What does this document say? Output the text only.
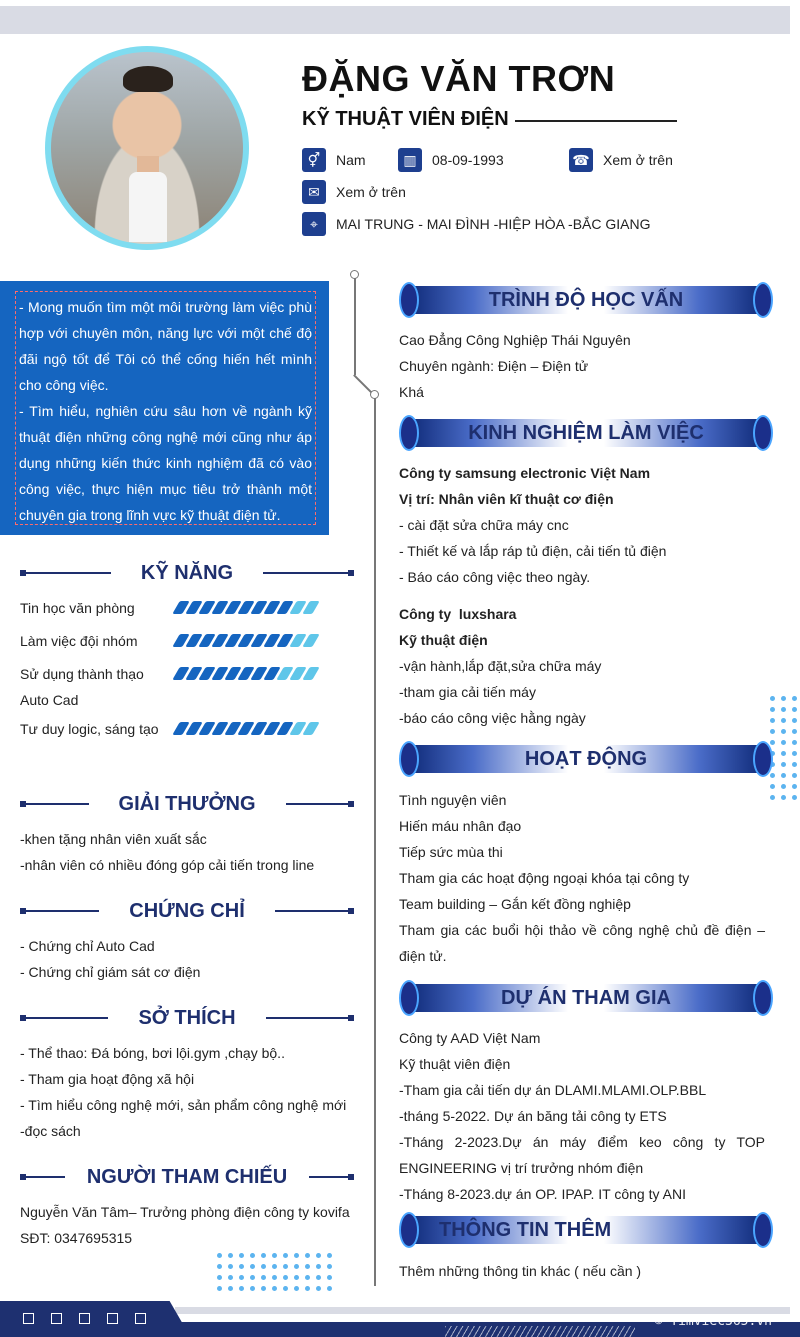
ĐẶNG VĂN TRƠN
KỸ THUẬT VIÊN ĐIỆN
⚥	Nam	▥	08-09-1993	☎ Xem ở trên
✉	Xem ở trên
⌖	MAI TRUNG - MAI ĐÌNH -HIỆP HÒA -BẮC GIANG
- Mong muốn tìm một môi trường làm việc phù hợp với chuyên môn, năng lực với một chế độ đãi ngộ tốt để Tôi có thể cống hiến hết mình cho công việc.
- Tìm hiểu, nghiên cứu sâu hơn về ngành kỹ thuật điện những công nghệ mới cũng như áp dụng những kiến thức kinh nghiệm đã có vào công việc, thực hiện mục tiêu trở thành một chuyên gia trong lĩnh vực kỹ thuật điện tử.
KỸ NĂNG
Tin học văn phòng
Làm việc đội nhóm
Sử dụng thành thạo Auto Cad
Tư duy logic, sáng tạo
GIẢI THƯỞNG
-khen tặng nhân viên xuất sắc
-nhân viên có nhiều đóng góp cải tiến trong line
CHỨNG CHỈ
- Chứng chỉ Auto Cad
- Chứng chỉ giám sát cơ điện
SỞ THÍCH
- Thể thao: Đá bóng, bơi lội.gym ,chạy bộ..
- Tham gia hoạt động xã hội
- Tìm hiểu công nghệ mới, sản phẩm công nghệ mới
-đọc sách
NGƯỜI THAM CHIẾU
Nguyễn Văn Tâm– Trưởng phòng điện công ty kovifa
SĐT: 0347695315
TRÌNH ĐỘ HỌC VẤN
Cao Đẳng Công Nghiệp Thái Nguyên
Chuyên ngành: Điện – Điện tử
Khá
KINH NGHIỆM LÀM VIỆC
Công ty samsung electronic Việt Nam
Vị trí: Nhân viên kĩ thuật cơ điện
- cài đặt sửa chữa máy cnc
- Thiết kế và lắp ráp tủ điện, cải tiến tủ điện
- Báo cáo công việc theo ngày.
Công ty  luxshara
Kỹ thuật điện
-vận hành,lắp đặt,sửa chữa máy
-tham gia cải tiến máy
-báo cáo công việc hằng ngày
HOẠT ĐỘNG
Tình nguyện viên
Hiến máu nhân đạo
Tiếp sức mùa thi
Tham gia các hoạt động ngoại khóa tại công ty
Team building – Gắn kết đồng nghiệp
Tham gia các buổi hội thảo về công nghệ chủ đề điện – điện tử.
DỰ ÁN THAM GIA
Công ty AAD Việt Nam
Kỹ thuật viên điện
-Tham gia cải tiến dự án DLAMI.MLAMI.OLP.BBL
-tháng 5-2022. Dự án băng tải công ty ETS
-Tháng 2-2023.Dự án máy điểm keo công ty TOP ENGINEERING vị trí trưởng nhóm điện
-Tháng 8-2023.dự án OP. IPAP. IT công ty ANI
THÔNG TIN THÊM
Thêm những thông tin khác ( nếu cần )
© Timviec365.vn
